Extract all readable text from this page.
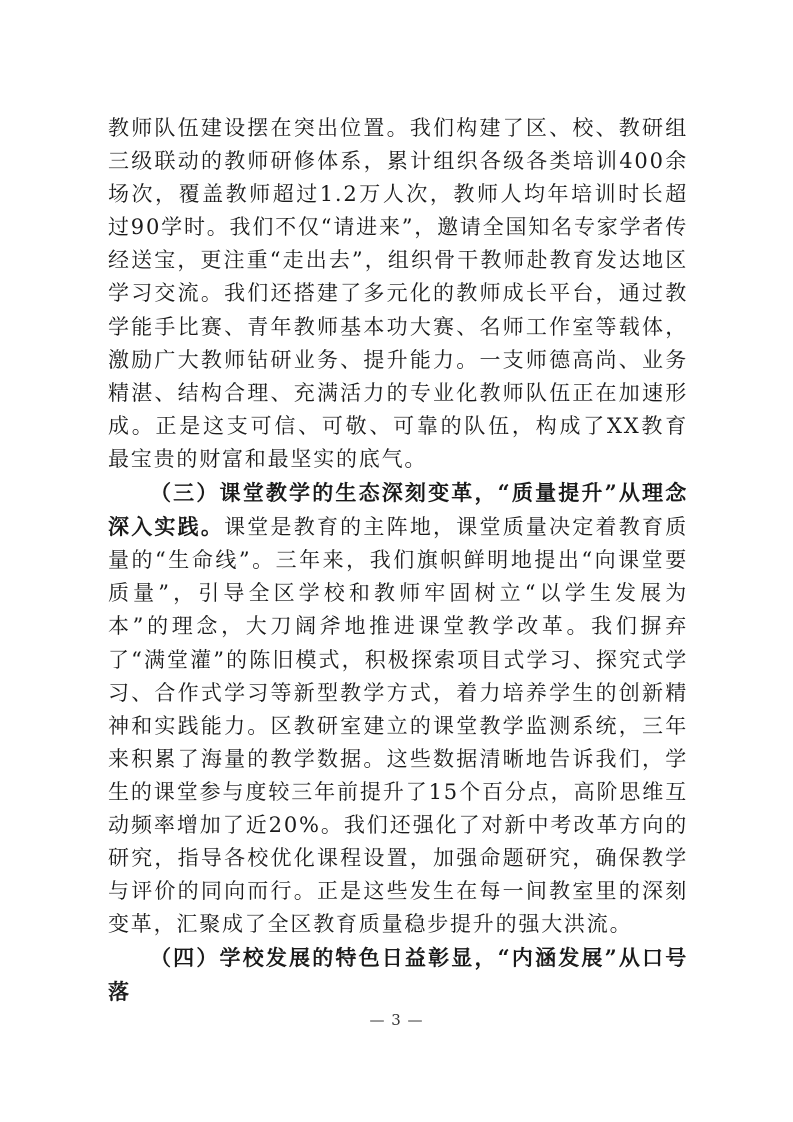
教师队伍建设摆在突出位置。我们构建了区、校、教研组三级联动的教师研修体系，累计组织各级各类培训400余场次，覆盖教师超过1.2万人次，教师人均年培训时长超过90学时。我们不仅“请进来”，邀请全国知名专家学者传经送宝，更注重“走出去”，组织骨干教师赴教育发达地区学习交流。我们还搭建了多元化的教师成长平台，通过教学能手比赛、青年教师基本功大赛、名师工作室等载体，激励广大教师钻研业务、提升能力。一支师德高尚、业务精湛、结构合理、充满活力的专业化教师队伍正在加速形成。正是这支可信、可敬、可靠的队伍，构成了XX教育最宝贵的财富和最坚实的底气。

（三）课堂教学的生态深刻变革，“质量提升”从理念深入实践。课堂是教育的主阵地，课堂质量决定着教育质量的“生命线”。三年来，我们旗帜鲜明地提出“向课堂要质量”，引导全区学校和教师牢固树立“以学生发展为本”的理念，大刀阔斧地推进课堂教学改革。我们摒弃了“满堂灌”的陈旧模式，积极探索项目式学习、探究式学习、合作式学习等新型教学方式，着力培养学生的创新精神和实践能力。区教研室建立的课堂教学监测系统，三年来积累了海量的教学数据。这些数据清晰地告诉我们，学生的课堂参与度较三年前提升了15个百分点，高阶思维互动频率增加了近20%。我们还强化了对新中考改革方向的研究，指导各校优化课程设置，加强命题研究，确保教学与评价的同向而行。正是这些发生在每一间教室里的深刻变革，汇聚成了全区教育质量稳步提升的强大洪流。

（四）学校发展的特色日益彰显，“内涵发展”从口号落

— 3 —
